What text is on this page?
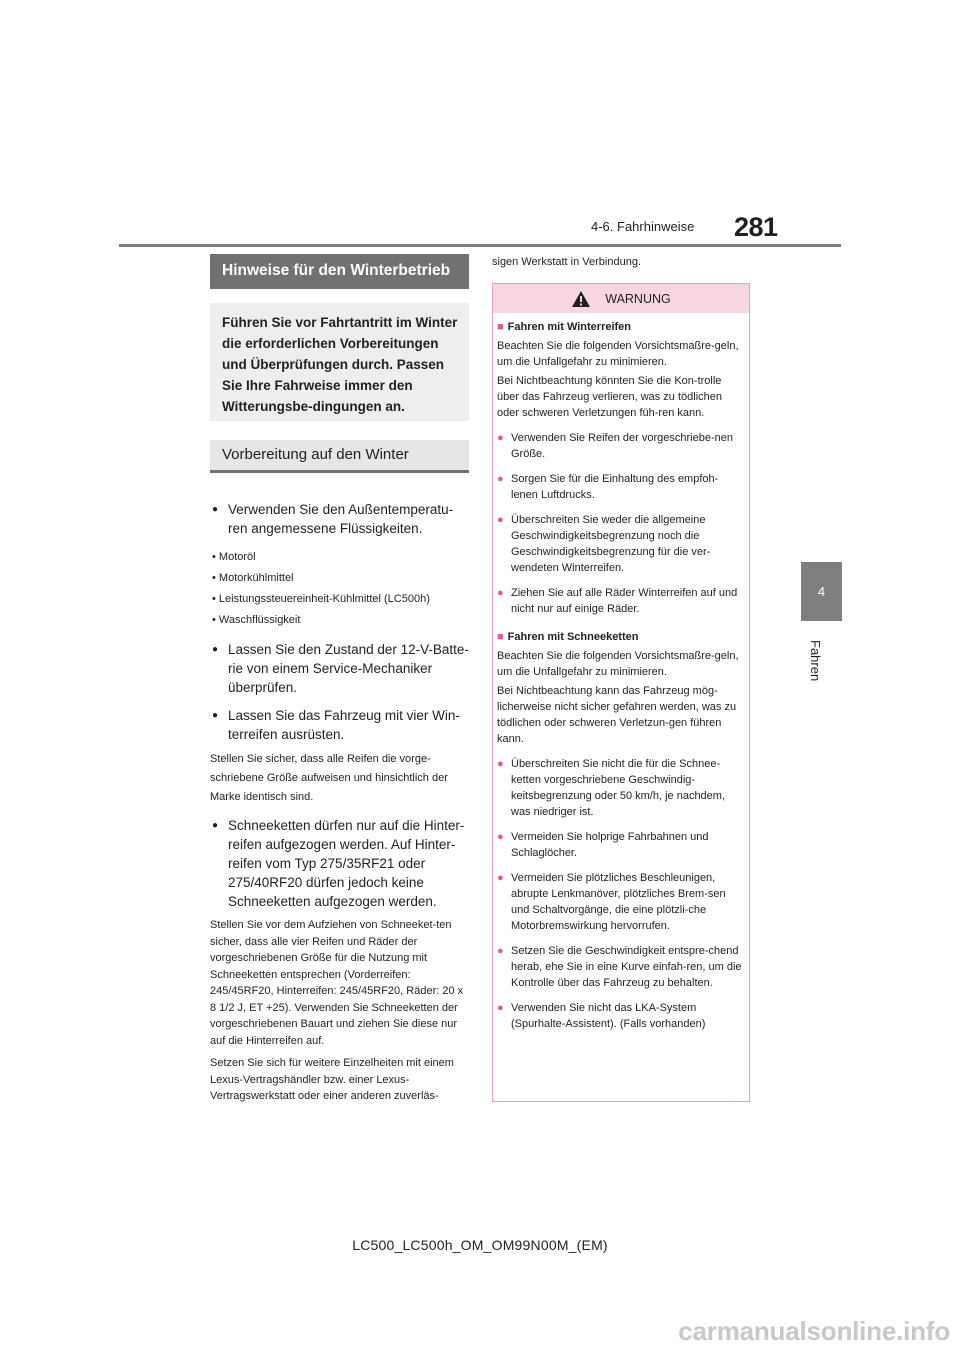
4-6. Fahrhinweise 281
4
Fahren
Hinweise für den Winterbetrieb
Führen Sie vor Fahrtantritt im Winter die erforderlichen Vorbereitungen und Überprüfungen durch. Passen Sie Ihre Fahrweise immer den Witterungsbe-dingungen an.
Vorbereitung auf den Winter
● Verwenden Sie den Außentemperatu-ren angemessene Flüssigkeiten.
• Motoröl
• Motorkühlmittel
• Leistungssteuereinheit-Kühlmittel (LC500h)
• Waschflüssigkeit
● Lassen Sie den Zustand der 12-V-Batte-rie von einem Service-Mechaniker überprüfen.
● Lassen Sie das Fahrzeug mit vier Win-terreifen ausrüsten.
Stellen Sie sicher, dass alle Reifen die vorge-schriebene Größe aufweisen und hinsichtlich der Marke identisch sind.
● Schneeketten dürfen nur auf die Hinter-reifen aufgezogen werden. Auf Hinter-reifen vom Typ 275/35RF21 oder 275/40RF20 dürfen jedoch keine Schneeketten aufgezogen werden.
Stellen Sie vor dem Aufziehen von Schneeket-ten sicher, dass alle vier Reifen und Räder der vorgeschriebenen Größe für die Nutzung mit Schneeketten entsprechen (Vorderreifen: 245/45RF20, Hinterreifen: 245/45RF20, Räder: 20 x 8 1/2 J, ET +25). Verwenden Sie Schneeketten der vorgeschriebenen Bauart und ziehen Sie diese nur auf die Hinterreifen auf.
Setzen Sie sich für weitere Einzelheiten mit einem Lexus-Vertragshändler bzw. einer Lexus-Vertragswerkstatt oder einer anderen zuverläs-
sigen Werkstatt in Verbindung.
WARNUNG
■ Fahren mit Winterreifen
Beachten Sie die folgenden Vorsichtsmaßre-geln, um die Unfallgefahr zu minimieren.
Bei Nichtbeachtung könnten Sie die Kon-trolle über das Fahrzeug verlieren, was zu tödlichen oder schweren Verletzungen füh-ren kann.
● Verwenden Sie Reifen der vorgeschriebe-nen Größe.
● Sorgen Sie für die Einhaltung des empfoh-lenen Luftdrucks.
● Überschreiten Sie weder die allgemeine Geschwindigkeitsbegrenzung noch die Geschwindigkeitsbegrenzung für die ver-wendeten Winterreifen.
● Ziehen Sie auf alle Räder Winterreifen auf und nicht nur auf einige Räder.
■ Fahren mit Schneeketten
Beachten Sie die folgenden Vorsichtsmaßre-geln, um die Unfallgefahr zu minimieren.
Bei Nichtbeachtung kann das Fahrzeug mög-licherweise nicht sicher gefahren werden, was zu tödlichen oder schweren Verletzun-gen führen kann.
● Überschreiten Sie nicht die für die Schnee-ketten vorgeschriebene Geschwindig-keitsbegrenzung oder 50 km/h, je nachdem, was niedriger ist.
● Vermeiden Sie holprige Fahrbahnen und Schlaglöcher.
● Vermeiden Sie plötzliches Beschleunigen, abrupte Lenkmanöver, plötzliches Brem-sen und Schaltvorgänge, die eine plötzli-che Motorbremswirkung hervorrufen.
● Setzen Sie die Geschwindigkeit entspre-chend herab, ehe Sie in eine Kurve einfah-ren, um die Kontrolle über das Fahrzeug zu behalten.
● Verwenden Sie nicht das LKA-System (Spurhalte-Assistent). (Falls vorhanden)
LC500_LC500h_OM_OM99N00M_(EM)
carmanualsonline.info
